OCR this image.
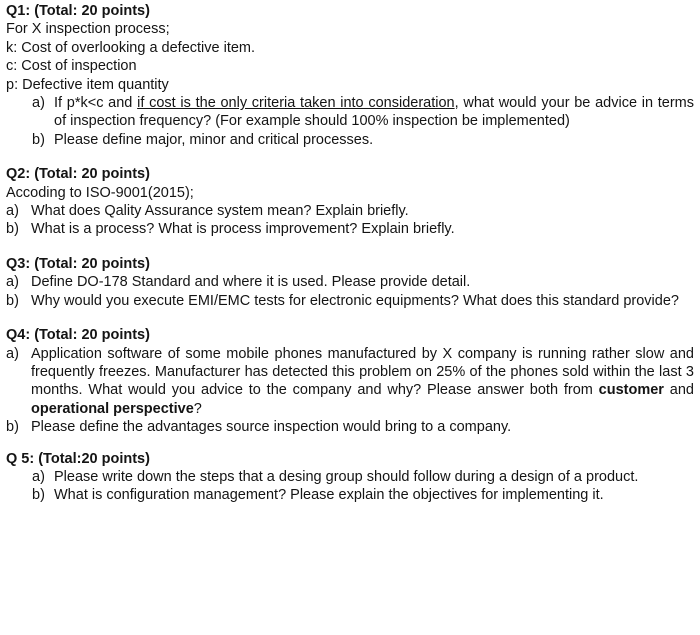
Q1: (Total: 20 points)
For X inspection process;
k: Cost of overlooking a defective item.
c: Cost of inspection
p: Defective item quantity
a) If p*k<c and if cost is the only criteria taken into consideration, what would your be advice in terms of inspection frequency? (For example should 100% inspection be implemented)
b) Please define major, minor and critical processes.
Q2: (Total: 20 points)
Accoding to ISO-9001(2015);
a) What does Qality Assurance system mean? Explain briefly.
b) What is a process? What is process improvement? Explain briefly.
Q3: (Total: 20 points)
a) Define DO-178 Standard and where it is used. Please provide detail.
b) Why would you execute EMI/EMC tests for electronic equipments? What does this standard provide?
Q4: (Total: 20 points)
a) Application software of some mobile phones manufactured by X company is running rather slow and frequently freezes. Manufacturer has detected this problem on 25% of the phones sold within the last 3 months. What would you advice to the company and why? Please answer both from customer and operational perspective?
b) Please define the advantages source inspection would bring to a company.
Q 5: (Total:20 points)
a) Please write down the steps that a desing group should follow during a design of a product.
b) What is configuration management? Please explain the objectives for implementing it.
